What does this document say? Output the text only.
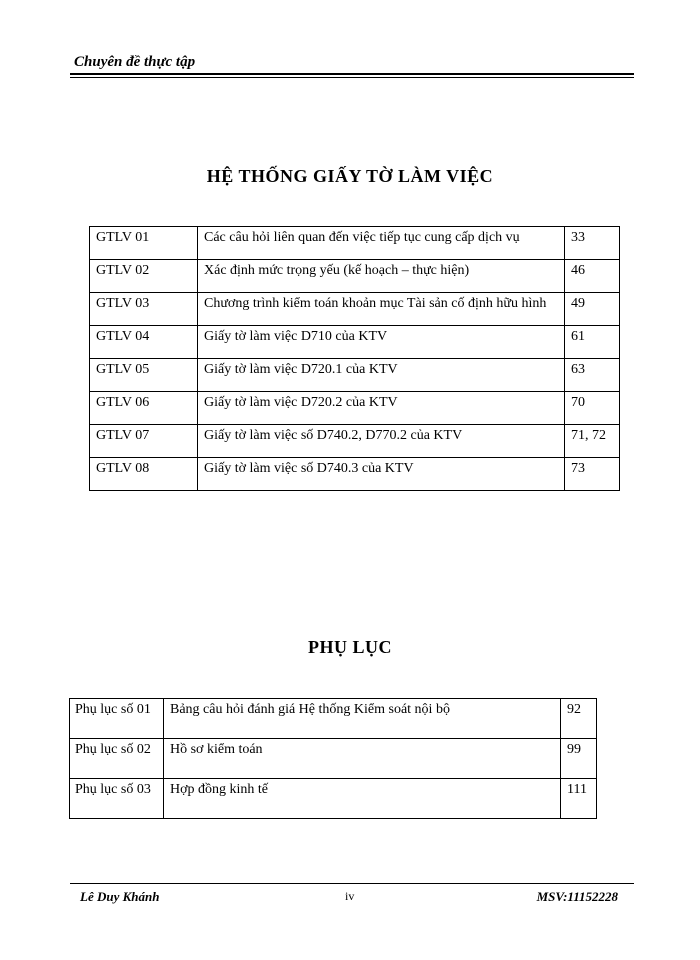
Chuyên đề thực tập
HỆ THỐNG GIẤY TỜ LÀM VIỆC
GTLV 01	Các câu hỏi liên quan đến việc tiếp tục cung cấp dịch vụ	33
GTLV 02	Xác định mức trọng yếu (kế hoạch – thực hiện)	46
GTLV 03	Chương trình kiểm toán khoản mục Tài sản cố định hữu hình	49
GTLV 04	Giấy tờ làm việc D710 của KTV	61
GTLV 05	Giấy tờ làm việc D720.1 của KTV	63
GTLV 06	Giấy tờ làm việc D720.2 của KTV	70
GTLV 07	Giấy tờ làm việc số D740.2, D770.2 của KTV	71, 72
GTLV 08	Giấy tờ làm việc số D740.3 của KTV	73
PHỤ LỤC
Phụ lục số 01	Bảng câu hỏi đánh giá Hệ thống Kiểm soát nội bộ	92
Phụ lục số 02	Hồ sơ kiểm toán	99
Phụ lục số 03	Hợp đồng kinh tế	111
Lê Duy Khánh	iv	MSV:11152228
